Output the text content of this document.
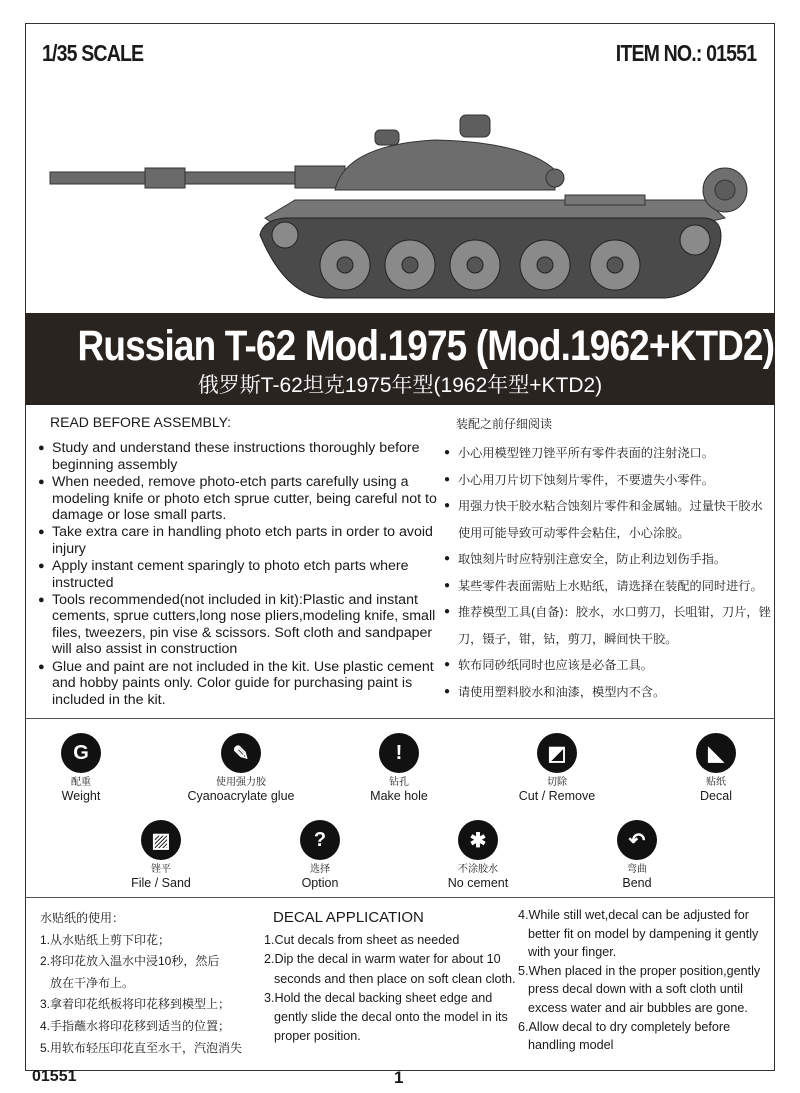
1/35 SCALE	ITEM NO.: 01551
Russian T-62 Mod.1975 (Mod.1962+KTD2)
俄罗斯T-62坦克1975年型(1962年型+KTD2)
READ BEFORE ASSEMBLY:
● Study and understand these instructions thoroughly before beginning assembly
● When needed, remove photo-etch parts carefully using a modeling knife or photo etch sprue cutter, being careful not to damage or lose small parts.
● Take extra care in handling photo etch parts in order to avoid injury
● Apply instant cement sparingly to photo etch parts where instructed
● Tools recommended(not included in kit):Plastic and instant cements, sprue cutters,long nose pliers,modeling knife, small files, tweezers, pin vise & scissors. Soft cloth and sandpaper will also assist in construction
● Glue and paint are not included in the kit. Use plastic cement and hobby paints only. Color guide for purchasing paint is included in the kit.
装配之前仔细阅读
● 小心用模型锉刀锉平所有零件表面的注射浇口。
● 小心用刀片切下蚀刻片零件，不要遗失小零件。
● 用强力快干胶水粘合蚀刻片零件和金属轴。过量快干胶水使用可能导致可动零件会粘住，小心涂胶。
● 取蚀刻片时应特别注意安全，防止利边划伤手指。
● 某些零件表面需贴上水贴纸，请选择在装配的同时进行。
● 推荐模型工具(自备)：胶水，水口剪刀，长咀钳，刀片，锉刀，镊子，钳，钻，剪刀，瞬间快干胶。
● 软布同砂纸同时也应该是必备工具。
● 请使用塑料胶水和油漆，模型内不含。
G
配重
Weight
✎
使用强力胶
Cyanoacrylate glue
!
钻孔
Make hole
◩
切除
Cut / Remove
◣
贴纸
Decal
▨
锉平
File / Sand
?
选择
Option
✱
不涂胶水
No cement
↶
弯曲
Bend
水贴纸的使用：
1.从水贴纸上剪下印花；
2.将印花放入温水中浸10秒，然后
放在干净布上。
3.拿着印花纸板将印花移到模型上；
4.手指蘸水将印花移到适当的位置；
5.用软布轻压印花直至水干，汽泡消失
DECAL APPLICATION
1.Cut decals from sheet as needed
2.Dip the decal in warm water for about 10
seconds and then place on soft clean cloth.
3.Hold the decal backing sheet edge and
gently slide the decal onto the model in its
proper position.
4.While still wet,decal can be adjusted for
better fit on model by dampening it gently
with your finger.
5.When placed in the proper position,gently
press decal down with a soft cloth until
excess water and air bubbles are gone.
6.Allow decal to dry completely before
handling model
01551	1
